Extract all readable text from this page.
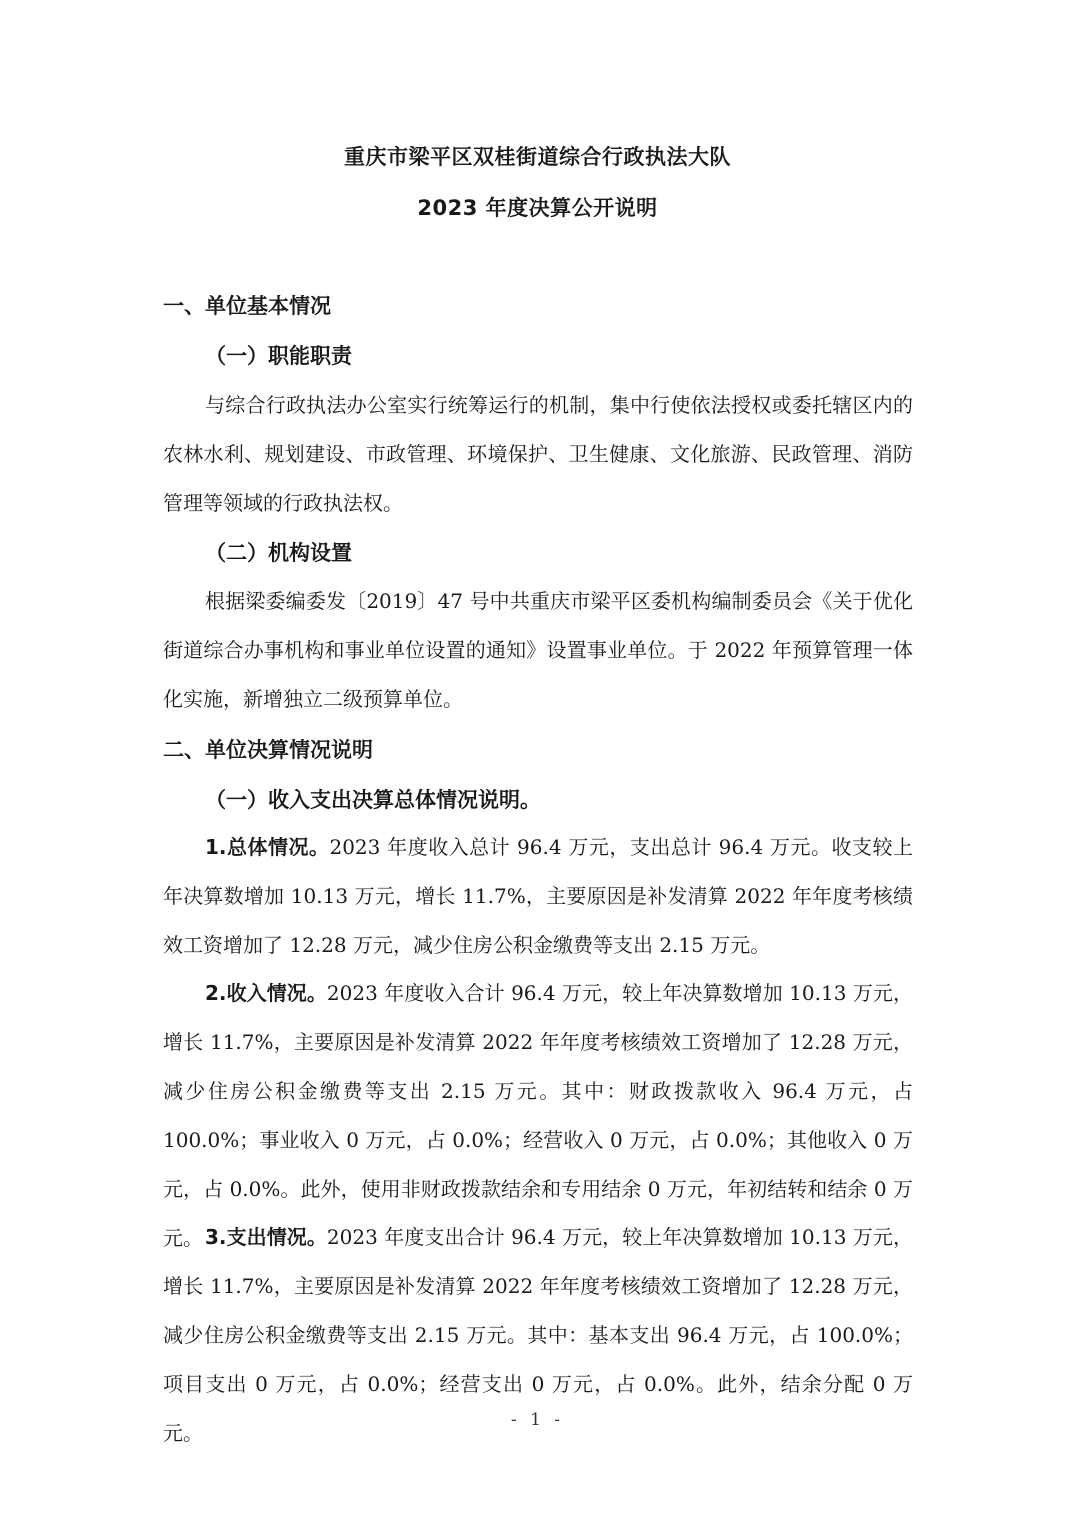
重庆市梁平区双桂街道综合行政执法大队
2023 年度决算公开说明
一、单位基本情况
（一）职能职责
与综合行政执法办公室实行统筹运行的机制，集中行使依法授权或委托辖区内的农林水利、规划建设、市政管理、环境保护、卫生健康、文化旅游、民政管理、消防管理等领域的行政执法权。
（二）机构设置
根据梁委编委发〔2019〕47 号中共重庆市梁平区委机构编制委员会《关于优化街道综合办事机构和事业单位设置的通知》设置事业单位。于 2022 年预算管理一体化实施，新增独立二级预算单位。
二、单位决算情况说明
（一）收入支出决算总体情况说明。
1.总体情况。2023 年度收入总计 96.4 万元，支出总计 96.4 万元。收支较上年决算数增加 10.13 万元，增长 11.7%，主要原因是补发清算 2022 年年度考核绩效工资增加了 12.28 万元，减少住房公积金缴费等支出 2.15 万元。
2.收入情况。2023 年度收入合计 96.4 万元，较上年决算数增加 10.13 万元，增长 11.7%，主要原因是补发清算 2022 年年度考核绩效工资增加了 12.28 万元，减少住房公积金缴费等支出 2.15 万元。其中：财政拨款收入 96.4 万元，占 100.0%；事业收入 0 万元，占 0.0%；经营收入 0 万元，占 0.0%；其他收入 0 万元，占 0.0%。此外，使用非财政拨款结余和专用结余 0 万元，年初结转和结余 0 万元。 3.支出情况。2023 年度支出合计 96.4 万元，较上年决算数增加 10.13 万元，增长 11.7%，主要原因是补发清算 2022 年年度考核绩效工资增加了 12.28 万元，减少住房公积金缴费等支出 2.15 万元。其中：基本支出 96.4 万元，占 100.0%；项目支出 0 万元，占 0.0%；经营支出 0 万元，占 0.0%。此外，结余分配 0 万元。
- 1 -
